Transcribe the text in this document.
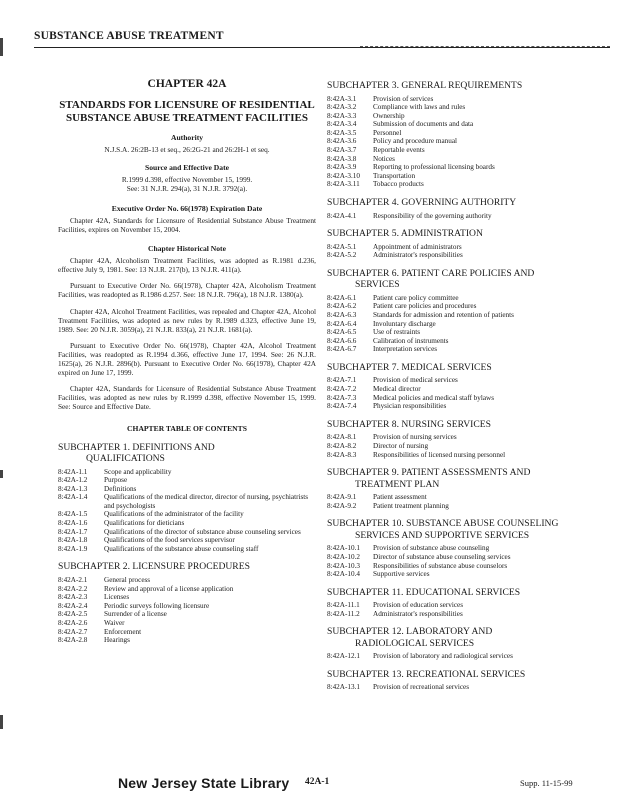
SUBSTANCE ABUSE TREATMENT
CHAPTER 42A
STANDARDS FOR LICENSURE OF RESIDENTIAL SUBSTANCE ABUSE TREATMENT FACILITIES
Authority
N.J.S.A. 26:2B-13 et seq., 26:2G-21 and 26:2H-1 et seq.
Source and Effective Date
R.1999 d.398, effective November 15, 1999.
See: 31 N.J.R. 294(a), 31 N.J.R. 3792(a).
Executive Order No. 66(1978) Expiration Date
Chapter 42A, Standards for Licensure of Residential Substance Abuse Treatment Facilities, expires on November 15, 2004.
Chapter Historical Note
Chapter 42A, Alcoholism Treatment Facilities, was adopted as R.1981 d.236, effective July 9, 1981. See: 13 N.J.R. 217(b), 13 N.J.R. 411(a).
Pursuant to Executive Order No. 66(1978), Chapter 42A, Alcoholism Treatment Facilities, was readopted as R.1986 d.257. See: 18 N.J.R. 796(a), 18 N.J.R. 1380(a).
Chapter 42A, Alcohol Treatment Facilities, was repealed and Chapter 42A, Alcohol Treatment Facilities, was adopted as new rules by R.1989 d.323, effective June 19, 1989. See: 20 N.J.R. 3059(a), 21 N.J.R. 833(a), 21 N.J.R. 1681(a).
Pursuant to Executive Order No. 66(1978), Chapter 42A, Alcohol Treatment Facilities, was readopted as R.1994 d.366, effective June 17, 1994. See: 26 N.J.R. 1625(a), 26 N.J.R. 2896(b). Pursuant to Executive Order No. 66(1978), Chapter 42A expired on June 17, 1999.
Chapter 42A, Standards for Licensure of Residential Substance Abuse Treatment Facilities, was adopted as new rules by R.1999 d.398, effective November 15, 1999. See: Source and Effective Date.
CHAPTER TABLE OF CONTENTS
SUBCHAPTER 1. DEFINITIONS AND
QUALIFICATIONS
8:42A-1.1	Scope and applicability
8:42A-1.2	Purpose
8:42A-1.3	Definitions
8:42A-1.4	Qualifications of the medical director, director of nursing, psychiatrists and psychologists
8:42A-1.5	Qualifications of the administrator of the facility
8:42A-1.6	Qualifications for dieticians
8:42A-1.7	Qualifications of the director of substance abuse counseling services
8:42A-1.8	Qualifications of the food services supervisor
8:42A-1.9	Qualifications of the substance abuse counseling staff
SUBCHAPTER 2. LICENSURE PROCEDURES
8:42A-2.1	General process
8:42A-2.2	Review and approval of a license application
8:42A-2.3	Licenses
8:42A-2.4	Periodic surveys following licensure
8:42A-2.5	Surrender of a license
8:42A-2.6	Waiver
8:42A-2.7	Enforcement
8:42A-2.8	Hearings
SUBCHAPTER 3. GENERAL REQUIREMENTS
8:42A-3.1	Provision of services
8:42A-3.2	Compliance with laws and rules
8:42A-3.3	Ownership
8:42A-3.4	Submission of documents and data
8:42A-3.5	Personnel
8:42A-3.6	Policy and procedure manual
8:42A-3.7	Reportable events
8:42A-3.8	Notices
8:42A-3.9	Reporting to professional licensing boards
8:42A-3.10	Transportation
8:42A-3.11	Tobacco products
SUBCHAPTER 4. GOVERNING AUTHORITY
8:42A-4.1	Responsibility of the governing authority
SUBCHAPTER 5. ADMINISTRATION
8:42A-5.1	Appointment of administrators
8:42A-5.2	Administrator's responsibilities
SUBCHAPTER 6. PATIENT CARE POLICIES AND
SERVICES
8:42A-6.1	Patient care policy committee
8:42A-6.2	Patient care policies and procedures
8:42A-6.3	Standards for admission and retention of patients
8:42A-6.4	Involuntary discharge
8:42A-6.5	Use of restraints
8:42A-6.6	Calibration of instruments
8:42A-6.7	Interpretation services
SUBCHAPTER 7. MEDICAL SERVICES
8:42A-7.1	Provision of medical services
8:42A-7.2	Medical director
8:42A-7.3	Medical policies and medical staff bylaws
8:42A-7.4	Physician responsibilities
SUBCHAPTER 8. NURSING SERVICES
8:42A-8.1	Provision of nursing services
8:42A-8.2	Director of nursing
8:42A-8.3	Responsibilities of licensed nursing personnel
SUBCHAPTER 9. PATIENT ASSESSMENTS AND
TREATMENT PLAN
8:42A-9.1	Patient assessment
8:42A-9.2	Patient treatment planning
SUBCHAPTER 10. SUBSTANCE ABUSE COUNSELING
SERVICES AND SUPPORTIVE SERVICES
8:42A-10.1	Provision of substance abuse counseling
8:42A-10.2	Director of substance abuse counseling services
8:42A-10.3	Responsibilities of substance abuse counselors
8:42A-10.4	Supportive services
SUBCHAPTER 11. EDUCATIONAL SERVICES
8:42A-11.1	Provision of education services
8:42A-11.2	Administrator's responsibilities
SUBCHAPTER 12. LABORATORY AND
RADIOLOGICAL SERVICES
8:42A-12.1	Provision of laboratory and radiological services
SUBCHAPTER 13. RECREATIONAL SERVICES
8:42A-13.1	Provision of recreational services
New Jersey State Library 42A-1	Supp. 11-15-99
